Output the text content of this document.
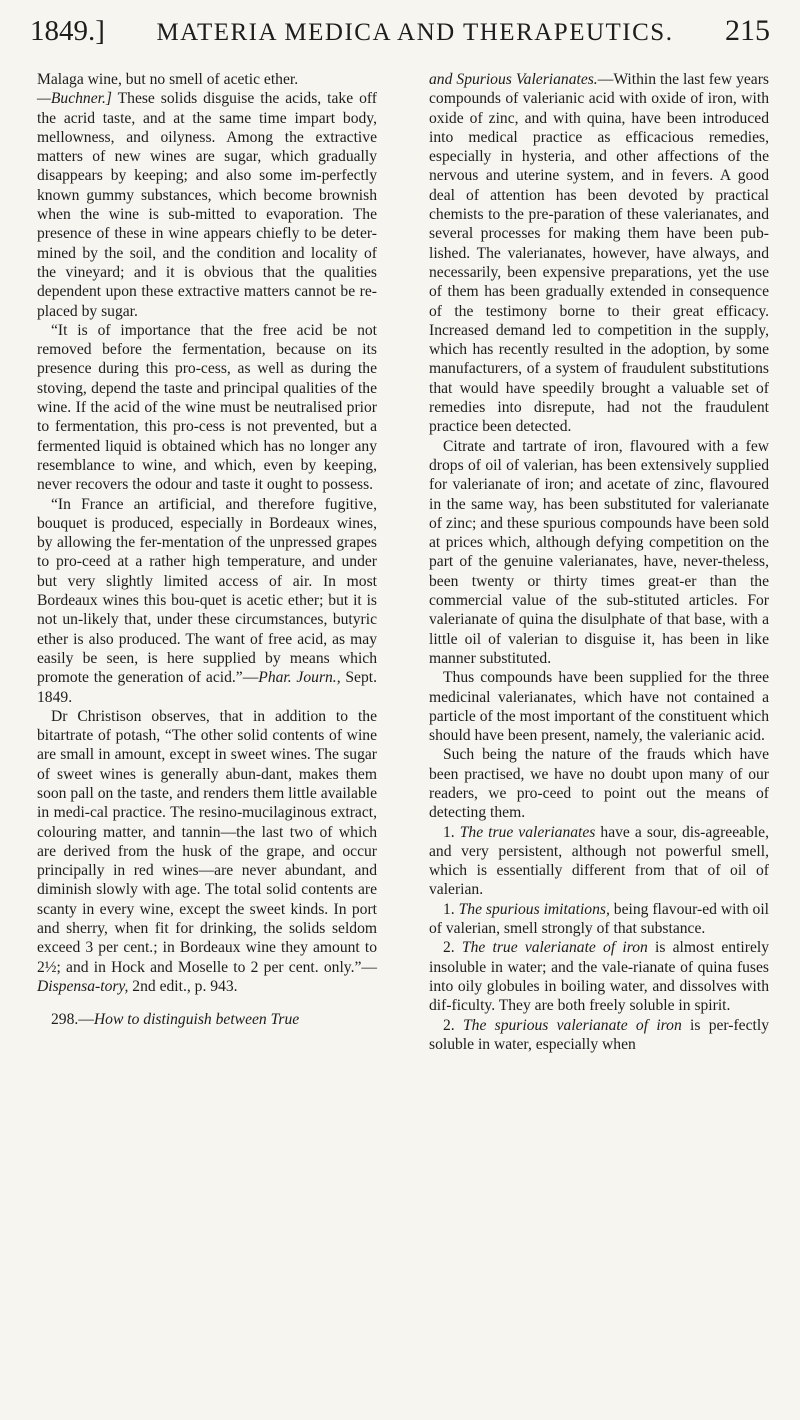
1849.]	MATERIA MEDICA AND THERAPEUTICS.	215

Malaga wine, but no smell of acetic ether.
—Buchner.] These solids disguise the acids, take off the acrid taste, and at the same time impart body, mellowness, and oilyness. Among the extractive matters of new wines are sugar, which gradually disappears by keeping; and also some im-perfectly known gummy substances, which become brownish when the wine is sub-mitted to evaporation. The presence of these in wine appears chiefly to be deter-mined by the soil, and the condition and locality of the vineyard; and it is obvious that the qualities dependent upon these extractive matters cannot be re-placed by sugar.

“It is of importance that the free acid be not removed before the fermentation, because on its presence during this pro-cess, as well as during the stoving, depend the taste and principal qualities of the wine. If the acid of the wine must be neutralised prior to fermentation, this pro-cess is not prevented, but a fermented liquid is obtained which has no longer any resemblance to wine, and which, even by keeping, never recovers the odour and taste it ought to possess.

“In France an artificial, and therefore fugitive, bouquet is produced, especially in Bordeaux wines, by allowing the fer-mentation of the unpressed grapes to pro-ceed at a rather high temperature, and under but very slightly limited access of air. In most Bordeaux wines this bou-quet is acetic ether; but it is not un-likely that, under these circumstances, butyric ether is also produced. The want of free acid, as may easily be seen, is here supplied by means which promote the generation of acid.”—Phar. Journ., Sept. 1849.

Dr Christison observes, that in addition to the bitartrate of potash, “The other solid contents of wine are small in amount, except in sweet wines. The sugar of sweet wines is generally abun-dant, makes them soon pall on the taste, and renders them little available in medi-cal practice. The resino-mucilaginous extract, colouring matter, and tannin—the last two of which are derived from the husk of the grape, and occur principally in red wines—are never abundant, and diminish slowly with age. The total solid contents are scanty in every wine, except the sweet kinds. In port and sherry, when fit for drinking, the solids seldom exceed 3 per cent.; in Bordeaux wine they amount to 2½; and in Hock and Moselle to 2 per cent. only.”—Dispensa-tory, 2nd edit., p. 943.

298.—How to distinguish between True

and Spurious Valerianates.—Within the last few years compounds of valerianic acid with oxide of iron, with oxide of zinc, and with quina, have been introduced into medical practice as efficacious remedies, especially in hysteria, and other affections of the nervous and uterine system, and in fevers. A good deal of attention has been devoted by practical chemists to the pre-paration of these valerianates, and several processes for making them have been pub-lished. The valerianates, however, have always, and necessarily, been expensive preparations, yet the use of them has been gradually extended in consequence of the testimony borne to their great efficacy. Increased demand led to competition in the supply, which has recently resulted in the adoption, by some manufacturers, of a system of fraudulent substitutions that would have speedily brought a valuable set of remedies into disrepute, had not the fraudulent practice been detected.

Citrate and tartrate of iron, flavoured with a few drops of oil of valerian, has been extensively supplied for valerianate of iron; and acetate of zinc, flavoured in the same way, has been substituted for valerianate of zinc; and these spurious compounds have been sold at prices which, although defying competition on the part of the genuine valerianates, have, never-theless, been twenty or thirty times great-er than the commercial value of the sub-stituted articles. For valerianate of quina the disulphate of that base, with a little oil of valerian to disguise it, has been in like manner substituted.

Thus compounds have been supplied for the three medicinal valerianates, which have not contained a particle of the most important of the constituent which should have been present, namely, the valerianic acid.

Such being the nature of the frauds which have been practised, we have no doubt upon many of our readers, we pro-ceed to point out the means of detecting them.

1. The true valerianates have a sour, dis-agreeable, and very persistent, although not powerful smell, which is essentially different from that of oil of valerian.

1. The spurious imitations, being flavour-ed with oil of valerian, smell strongly of that substance.

2. The true valerianate of iron is almost entirely insoluble in water; and the vale-rianate of quina fuses into oily globules in boiling water, and dissolves with dif-ficulty. They are both freely soluble in spirit.

2. The spurious valerianate of iron is per-fectly soluble in water, especially when
